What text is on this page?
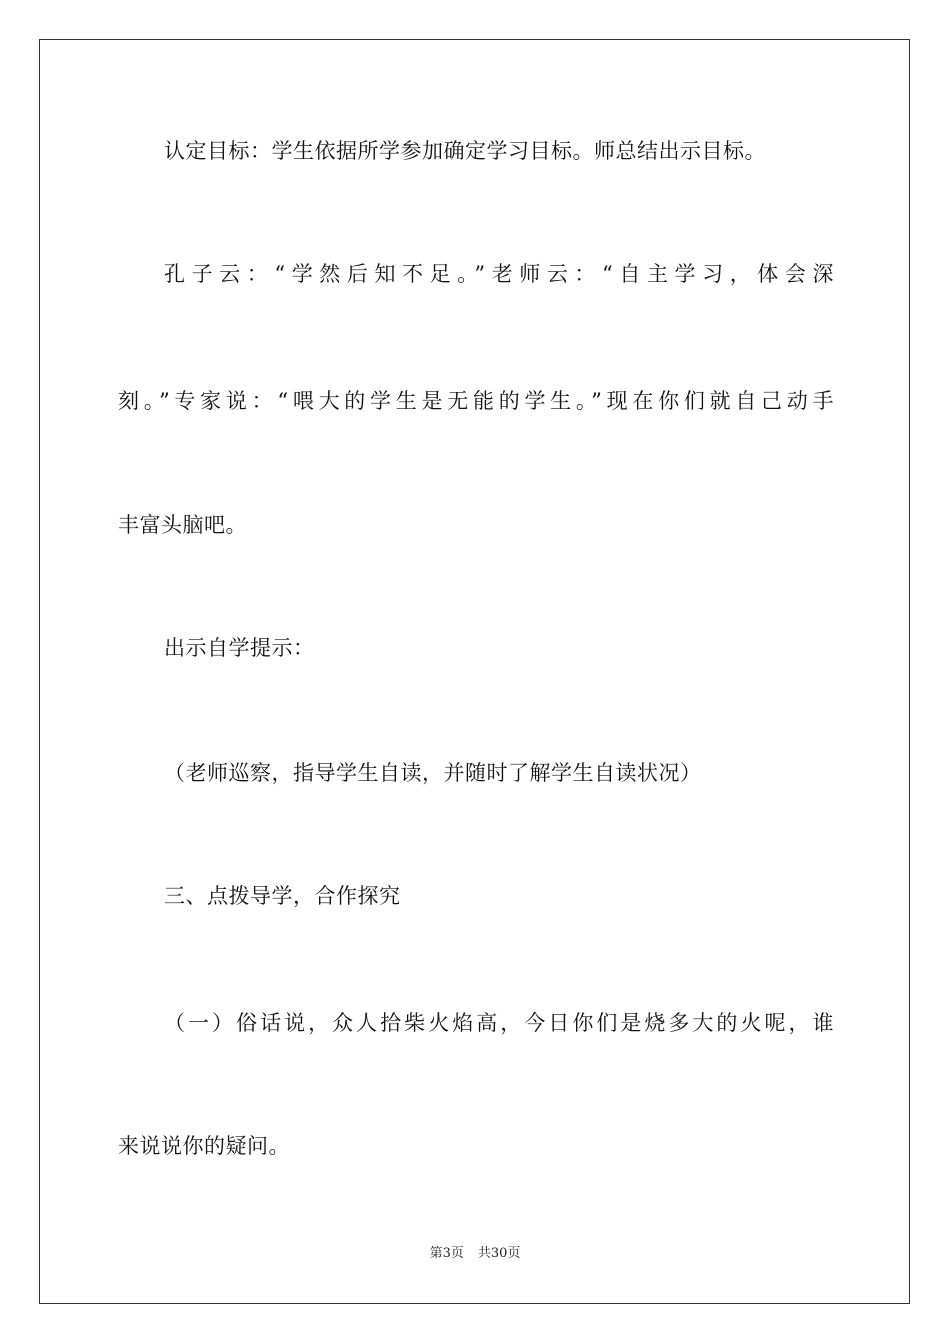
认定目标：学生依据所学参加确定学习目标。师总结出示目标。

孔子云：“学然后知不足。”老师云：“自主学习，体会深

刻。”专家说：“喂大的学生是无能的学生。”现在你们就自己动手

丰富头脑吧。

出示自学提示：

（老师巡察，指导学生自读，并随时了解学生自读状况）

三、点拨导学，合作探究

（一）俗话说，众人拾柴火焰高，今日你们是烧多大的火呢，谁

来说说你的疑问。

第3页 共30页
